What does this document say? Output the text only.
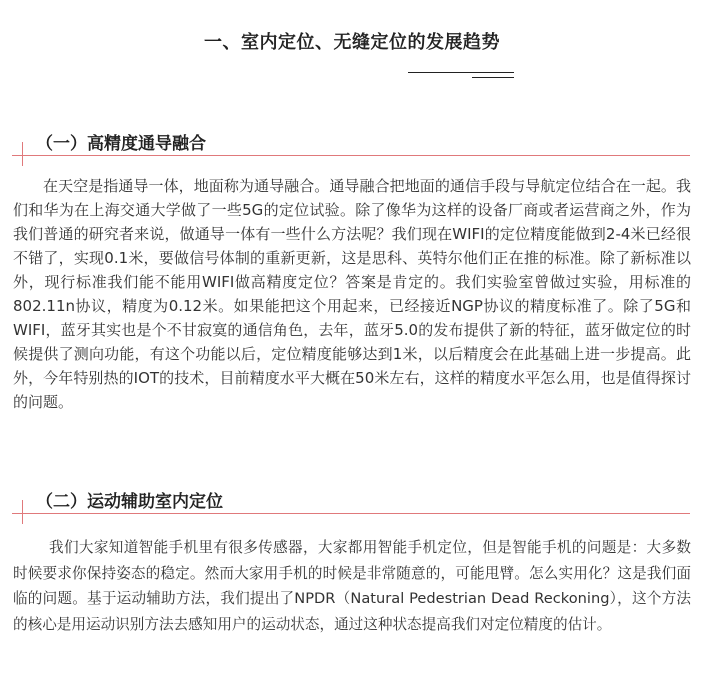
一、室内定位、无缝定位的发展趋势
（一）高精度通导融合

在天空是指通导一体，地面称为通导融合。通导融合把地面的通信手段与导航定位结合在一起。我们和华为在上海交通大学做了一些5G的定位试验。除了像华为这样的设备厂商或者运营商之外，作为我们普通的研究者来说，做通导一体有一些什么方法呢？我们现在WIFI的定位精度能做到2-4米已经很不错了，实现0.1米，要做信号体制的重新更新，这是思科、英特尔他们正在推的标准。除了新标准以外，现行标准我们能不能用WIFI做高精度定位？答案是肯定的。我们实验室曾做过实验，用标准的802.11n协议，精度为0.12米。如果能把这个用起来，已经接近NGP协议的精度标准了。除了5G和WIFI，蓝牙其实也是个不甘寂寞的通信角色，去年，蓝牙5.0的发布提供了新的特征，蓝牙做定位的时候提供了测向功能，有这个功能以后，定位精度能够达到1米，以后精度会在此基础上进一步提高。此外，今年特别热的IOT的技术，目前精度水平大概在50米左右，这样的精度水平怎么用，也是值得探讨的问题。

（二）运动辅助室内定位

我们大家知道智能手机里有很多传感器，大家都用智能手机定位，但是智能手机的问题是：大多数时候要求你保持姿态的稳定。然而大家用手机的时候是非常随意的，可能甩臂。怎么实用化？这是我们面临的问题。基于运动辅助方法，我们提出了NPDR（Natural Pedestrian Dead Reckoning），这个方法的核心是用运动识别方法去感知用户的运动状态，通过这种状态提高我们对定位精度的估计。
